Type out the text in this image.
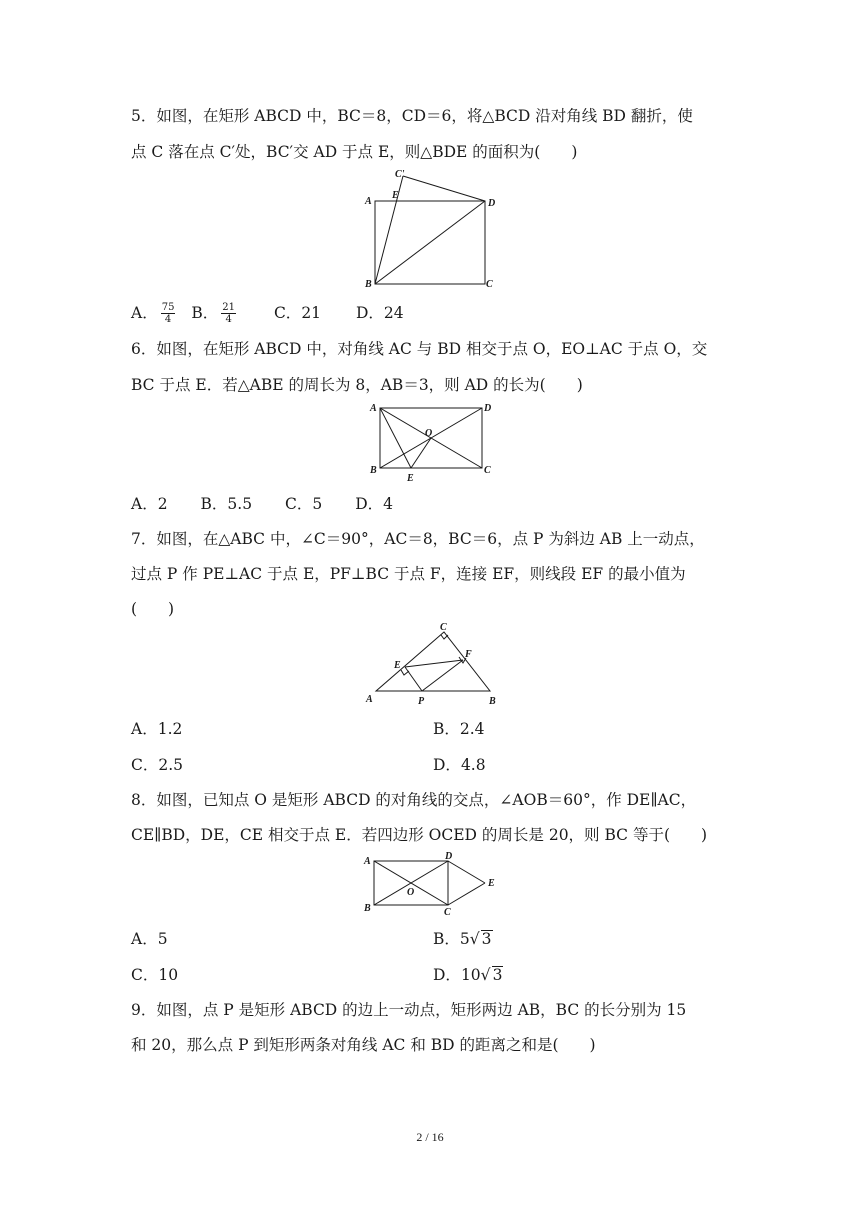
5．如图，在矩形 ABCD 中，BC＝8，CD＝6，将△BCD 沿对角线 BD 翻折，使
点 C 落在点 C′处，BC′交 AD 于点 E，则△BDE 的面积为(　　)
C'
E
A	D
B	C
A． $\frac{75}{4}$ B． $\frac{21}{4}$ C．21 D．24
6．如图，在矩形 ABCD 中，对角线 AC 与 BD 相交于点 O，EO⊥AC 于点 O，交
BC 于点 E．若△ABE 的周长为 8，AB＝3，则 AD 的长为(　　)
A	D
O
B
E
C
A．2 B．5.5 C．5 D．4
7．如图，在△ABC 中，∠C＝90°，AC＝8，BC＝6，点 P 为斜边 AB 上一动点，
过点 P 作 PE⊥AC 于点 E，PF⊥BC 于点 F，连接 EF，则线段 EF 的最小值为
(　　)
C
E
F
A	P	B
A．1.2	B．2.4
C．2.5	D．4.8
8．如图，已知点 O 是矩形 ABCD 的对角线的交点，∠AOB＝60°，作 DE∥AC，
CE∥BD，DE，CE 相交于点 E．若四边形 OCED 的周长是 20，则 BC 等于(　　)
A	D
E
O
B	C
A．5	B．5√ 3
C．10	D．10√ 3
9．如图，点 P 是矩形 ABCD 的边上一动点，矩形两边 AB，BC 的长分别为 15
和 20，那么点 P 到矩形两条对角线 AC 和 BD 的距离之和是(　　)
2 / 16
